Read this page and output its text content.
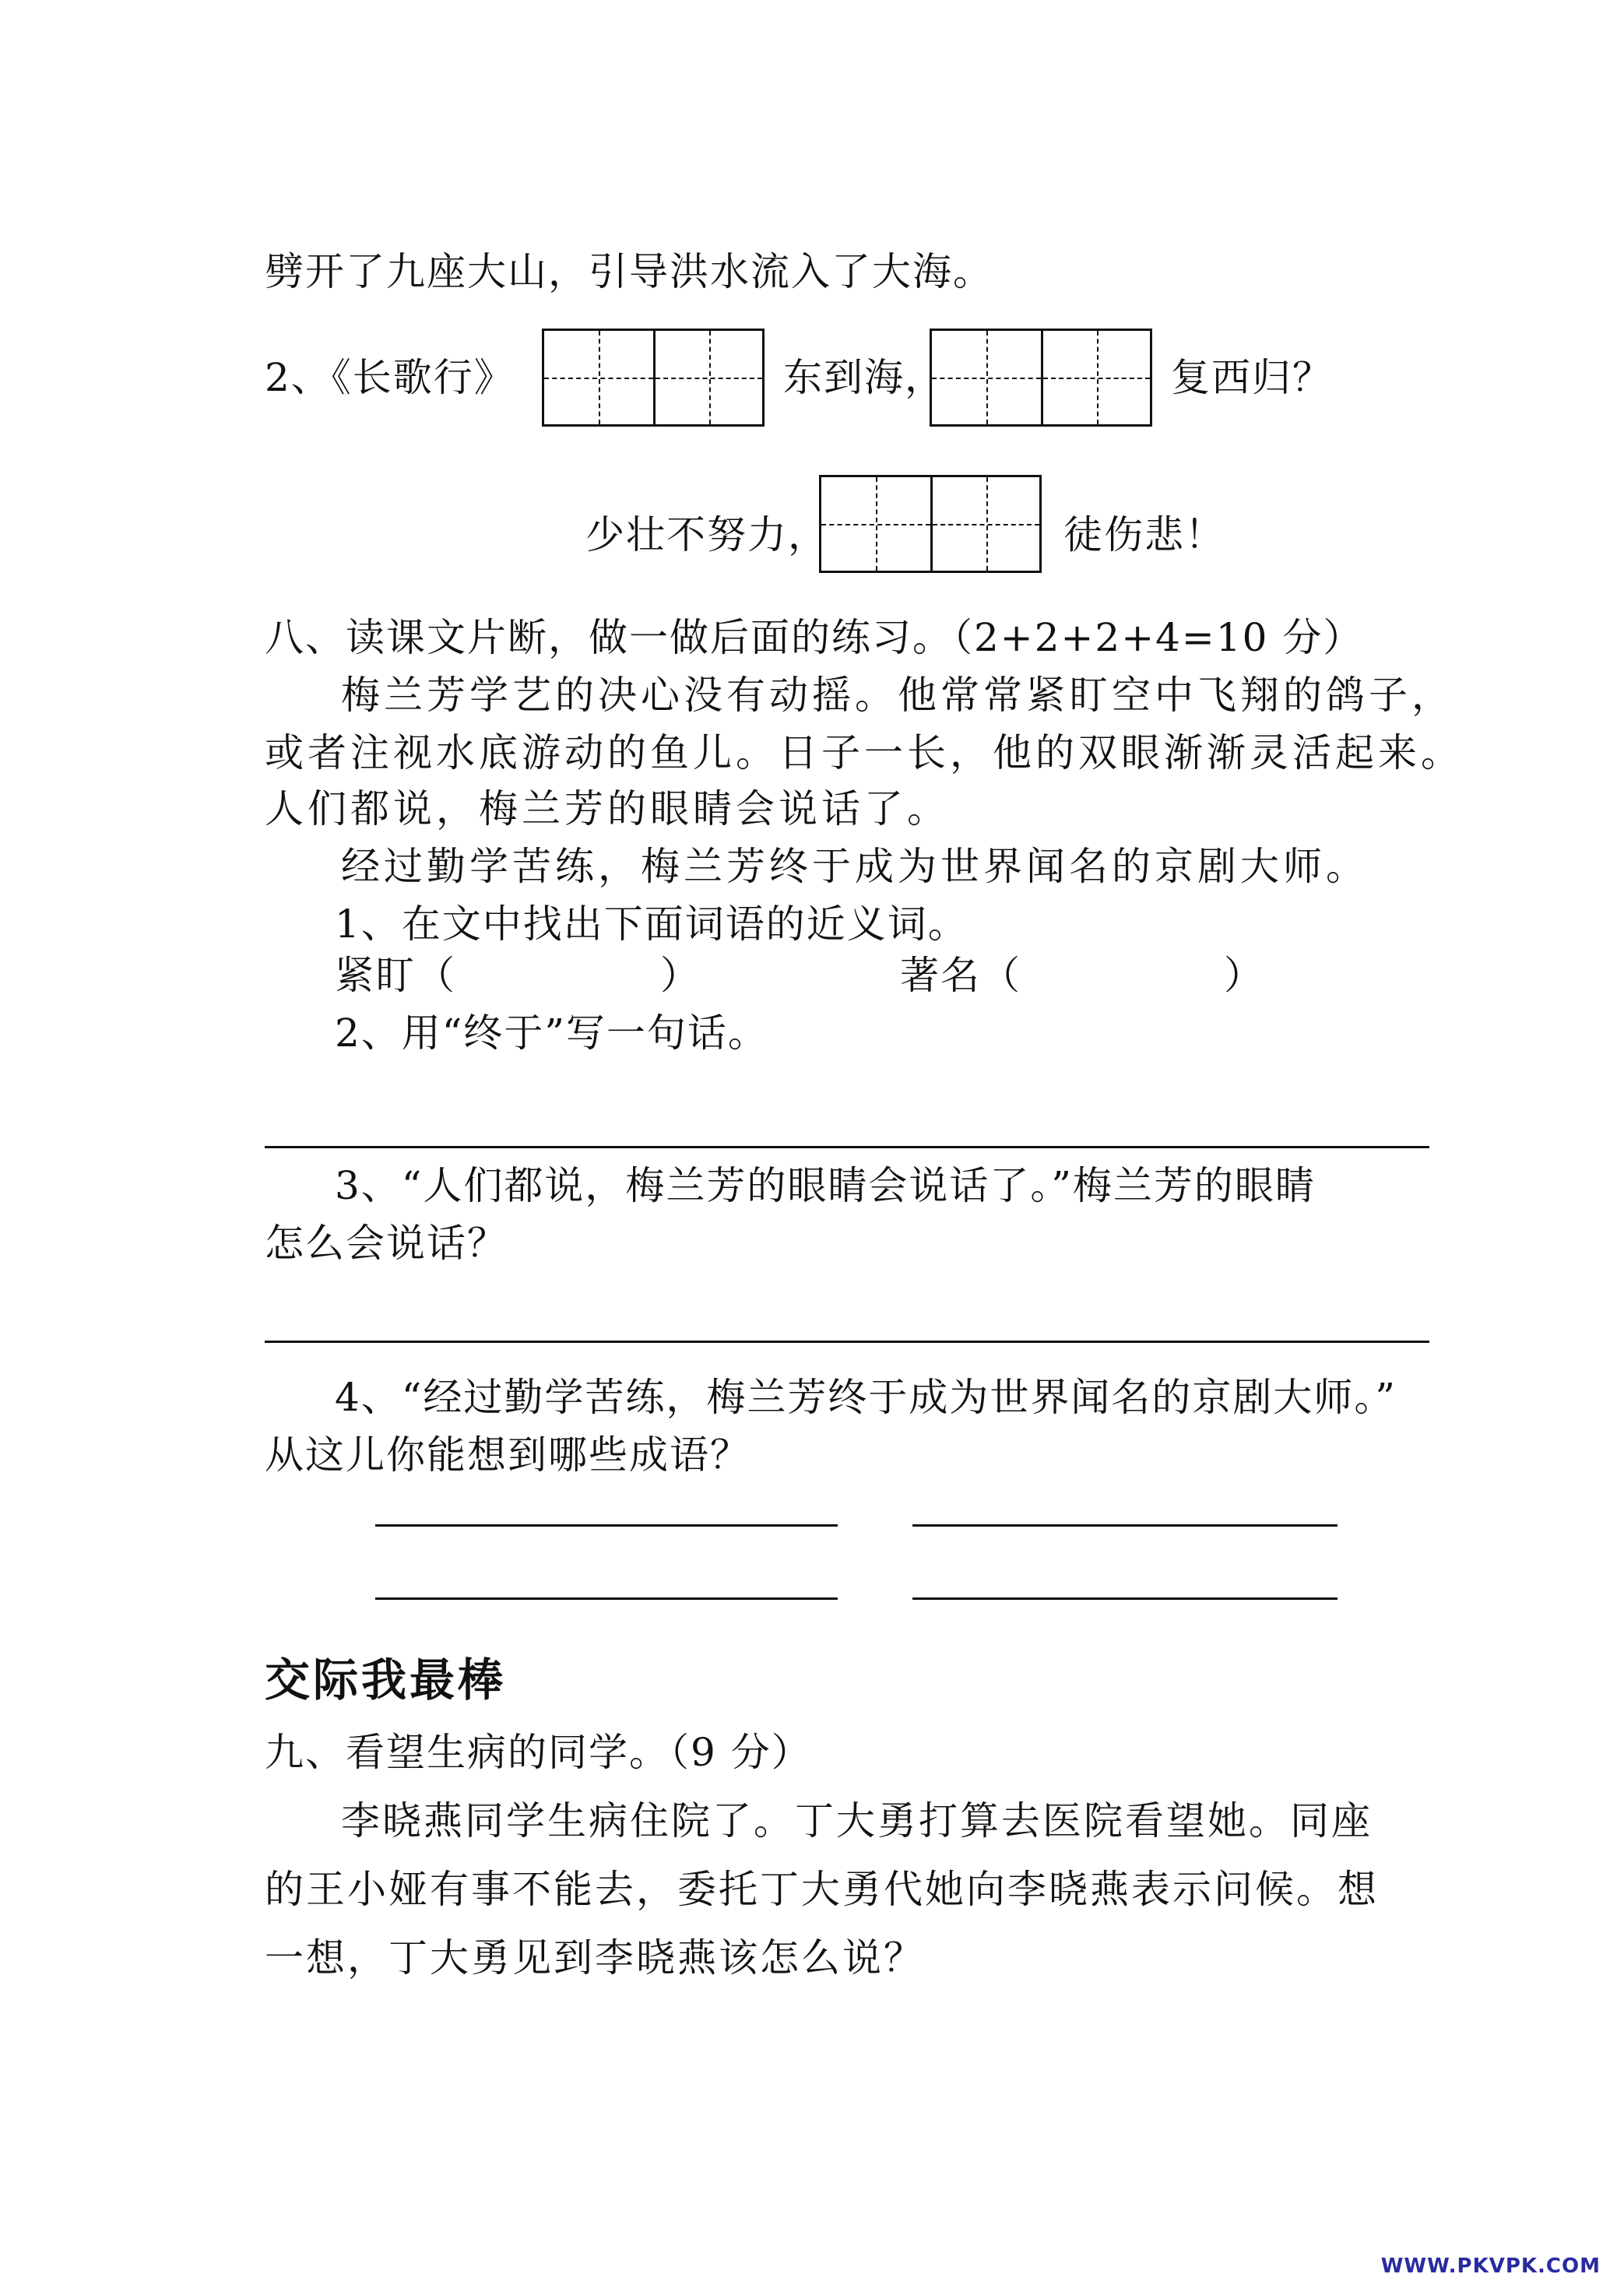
劈开了九座大山，引导洪水流入了大海。
2、《长歌行》	东到海，	复西归？
少壮不努力，	徒伤悲！
八、读课文片断，做一做后面的练习。（2+2+2+4=10 分）
梅兰芳学艺的决心没有动摇。他常常紧盯空中飞翔的鸽子，
或者注视水底游动的鱼儿。日子一长，他的双眼渐渐灵活起来。
人们都说，梅兰芳的眼睛会说话了。
经过勤学苦练，梅兰芳终于成为世界闻名的京剧大师。
1、在文中找出下面词语的近义词。
紧盯（	）	著名（	）
2、用“终于”写一句话。
3、“人们都说，梅兰芳的眼睛会说话了。”梅兰芳的眼睛
怎么会说话？
4、“经过勤学苦练，梅兰芳终于成为世界闻名的京剧大师。”
从这儿你能想到哪些成语？
交际我最棒
九、看望生病的同学。（9 分）
李晓燕同学生病住院了。丁大勇打算去医院看望她。同座
的王小娅有事不能去，委托丁大勇代她向李晓燕表示问候。想
一想，丁大勇见到李晓燕该怎么说？
WWW.PKVPK.COM
